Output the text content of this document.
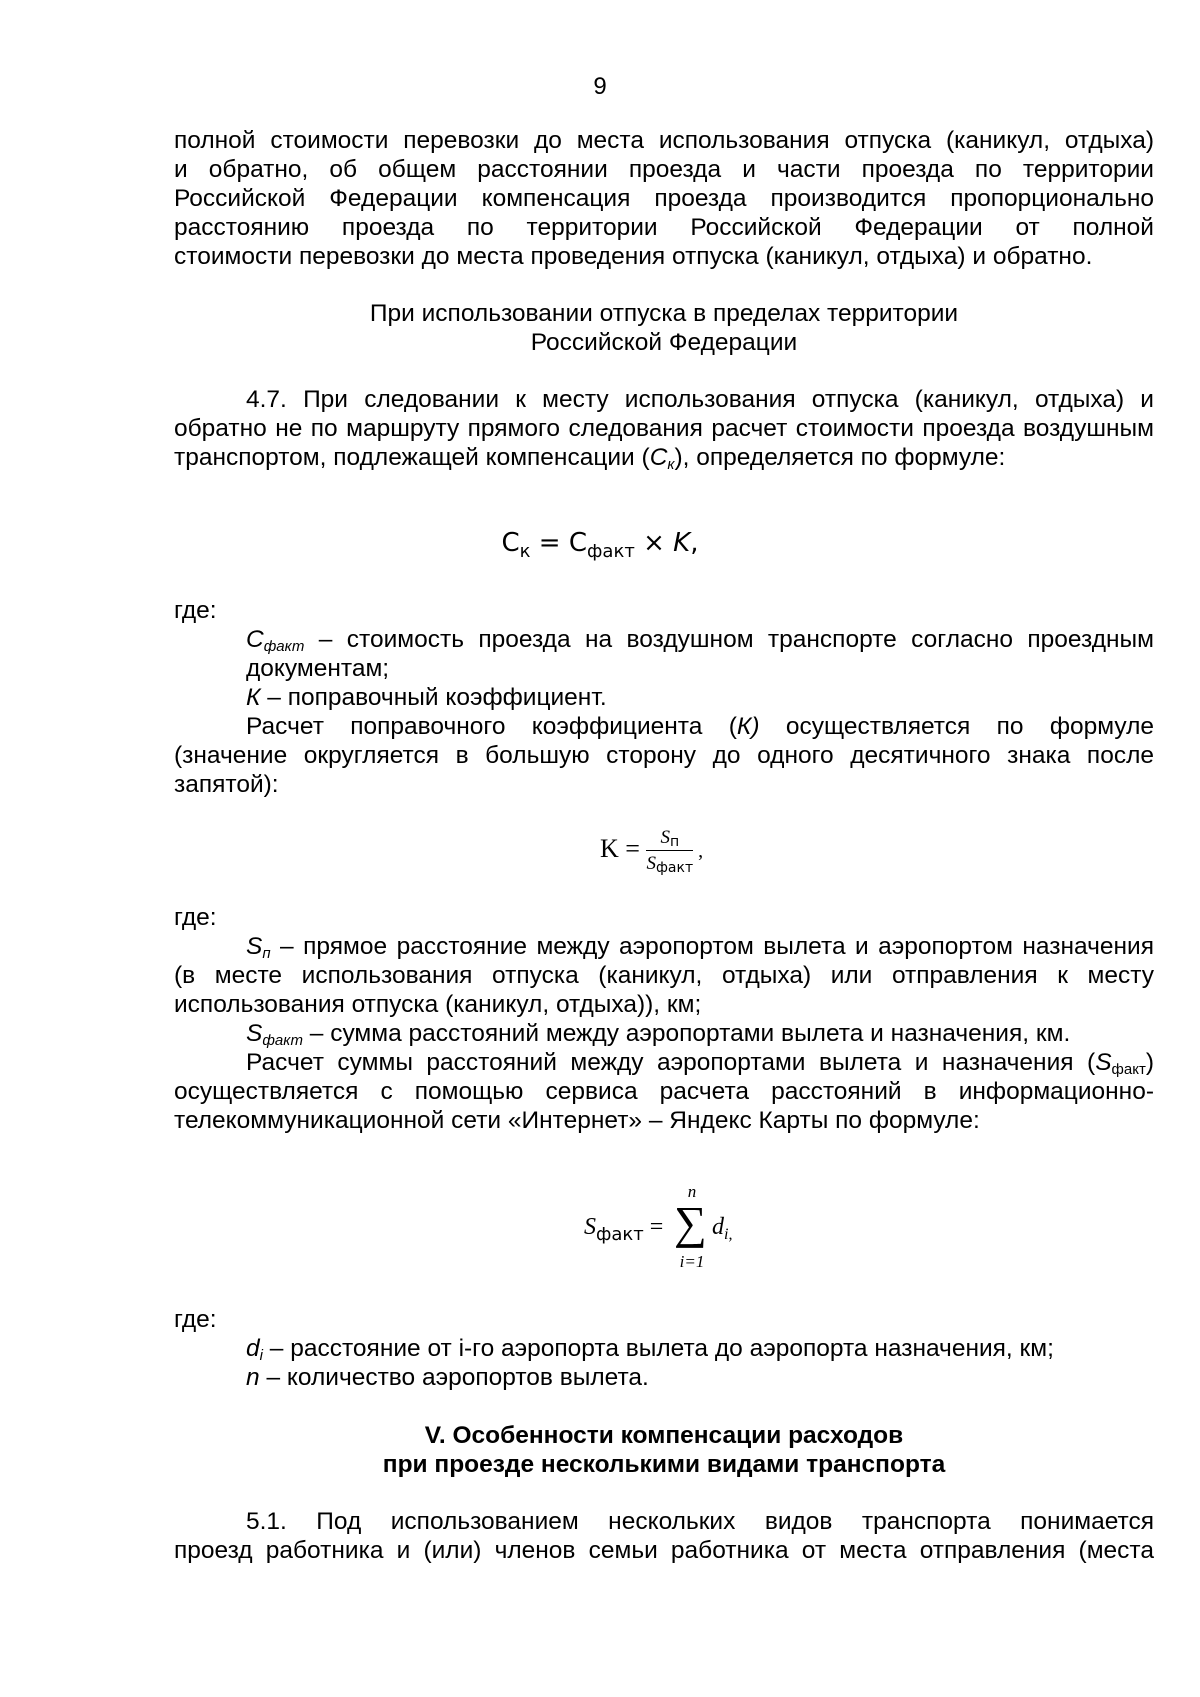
9
полной стоимости перевозки до места использования отпуска (каникул, отдыха)
и обратно, об общем расстоянии проезда и части проезда по территории
Российской Федерации компенсация проезда производится пропорционально
расстоянию проезда по территории Российской Федерации от полной
стоимости перевозки до места проведения отпуска (каникул, отдыха) и обратно.
При использовании отпуска в пределах территории
Российской Федерации
4.7. При следовании к месту использования отпуска (каникул, отдыха) и обратно не по маршруту прямого следования расчет стоимости проезда воздушным транспортом, подлежащей компенсации $(С_к)$, определяется по формуле:
$С_к = С_{факт} \times K$,
где:
$С_{факт}$ – стоимость проезда на воздушном транспорте согласно проездным документам;
К – поправочный коэффициент.
Расчет поправочного коэффициента (К) осуществляется по формуле (значение округляется в большую сторону до одного десятичного знака после запятой):
$K = \frac{S_п}{S_{факт}}$ ,
где:
$S_п$ – прямое расстояние между аэропортом вылета и аэропортом назначения (в месте использования отпуска (каникул, отдыха) или отправления к месту использования отпуска (каникул, отдыха)), км;
$S_{факт}$ – сумма расстояний между аэропортами вылета и назначения, км.
Расчет суммы расстояний между аэропортами вылета и назначения $(S_{факт})$ осуществляется с помощью сервиса расчета расстояний в информационно-телекоммуникационной сети «Интернет» – Яндекс Карты по формуле:
$S_{факт}$ =
n
∑
i=1
$d_{i,}$
где:
$d_i$ – расстояние от i-го аэропорта вылета до аэропорта назначения, км;
n – количество аэропортов вылета.
V. Особенности компенсации расходов
при проезде несколькими видами транспорта
5.1. Под использованием нескольких видов транспорта понимается
проезд работника и (или) членов семьи работника от места отправления (места
